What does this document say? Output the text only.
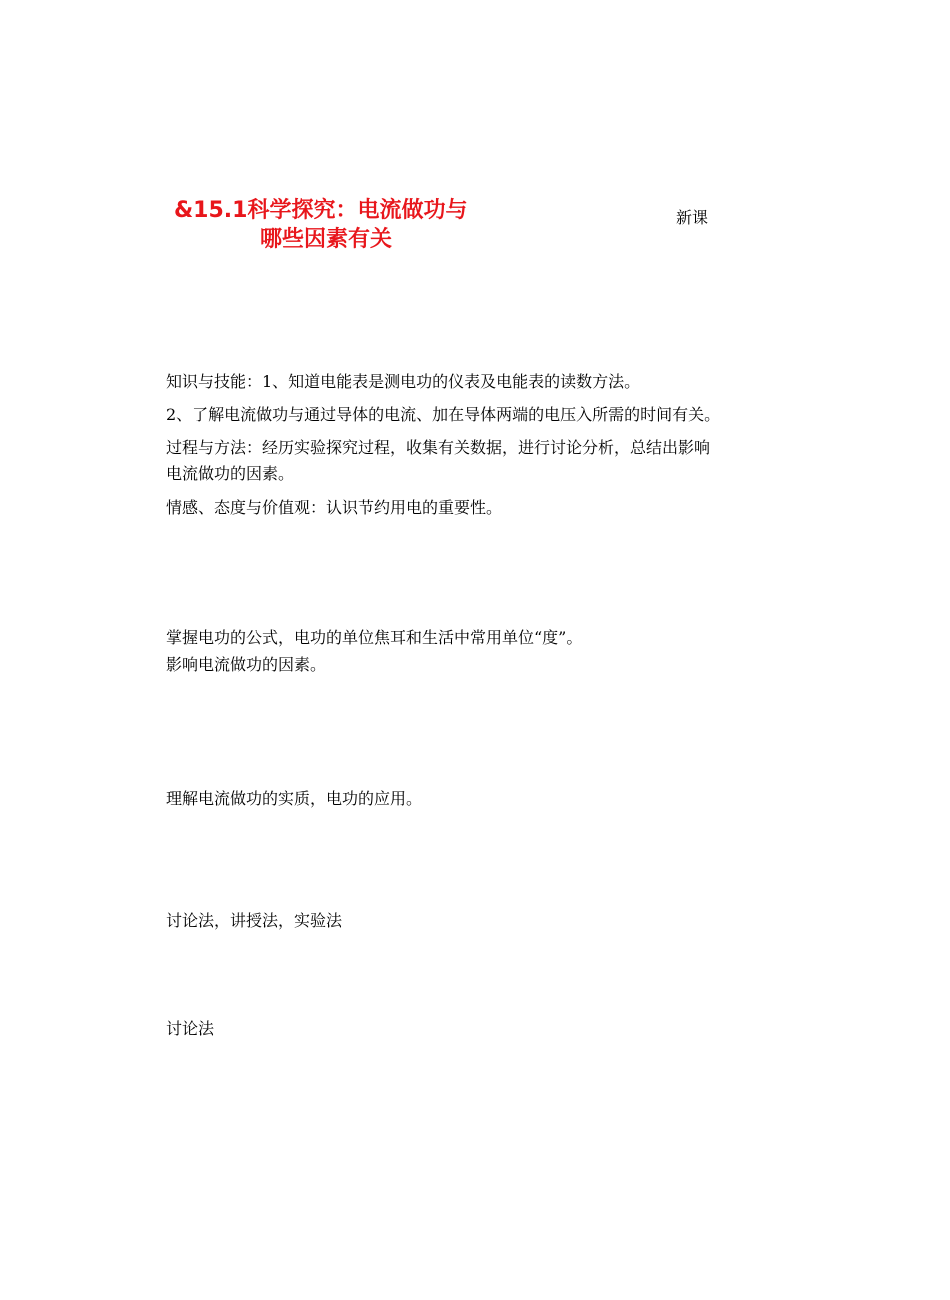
&15.1科学探究：电流做功与

哪些因素有关

新课

知识与技能：1、知道电能表是测电功的仪表及电能表的读数方法。

2、了解电流做功与通过导体的电流、加在导体两端的电压入所需的时间有关。

过程与方法：经历实验探究过程，收集有关数据，进行讨论分析，总结出影响

电流做功的因素。

情感、态度与价值观：认识节约用电的重要性。

掌握电功的公式，电功的单位焦耳和生活中常用单位“度”。

影响电流做功的因素。

理解电流做功的实质，电功的应用。

讨论法，讲授法，实验法

讨论法
